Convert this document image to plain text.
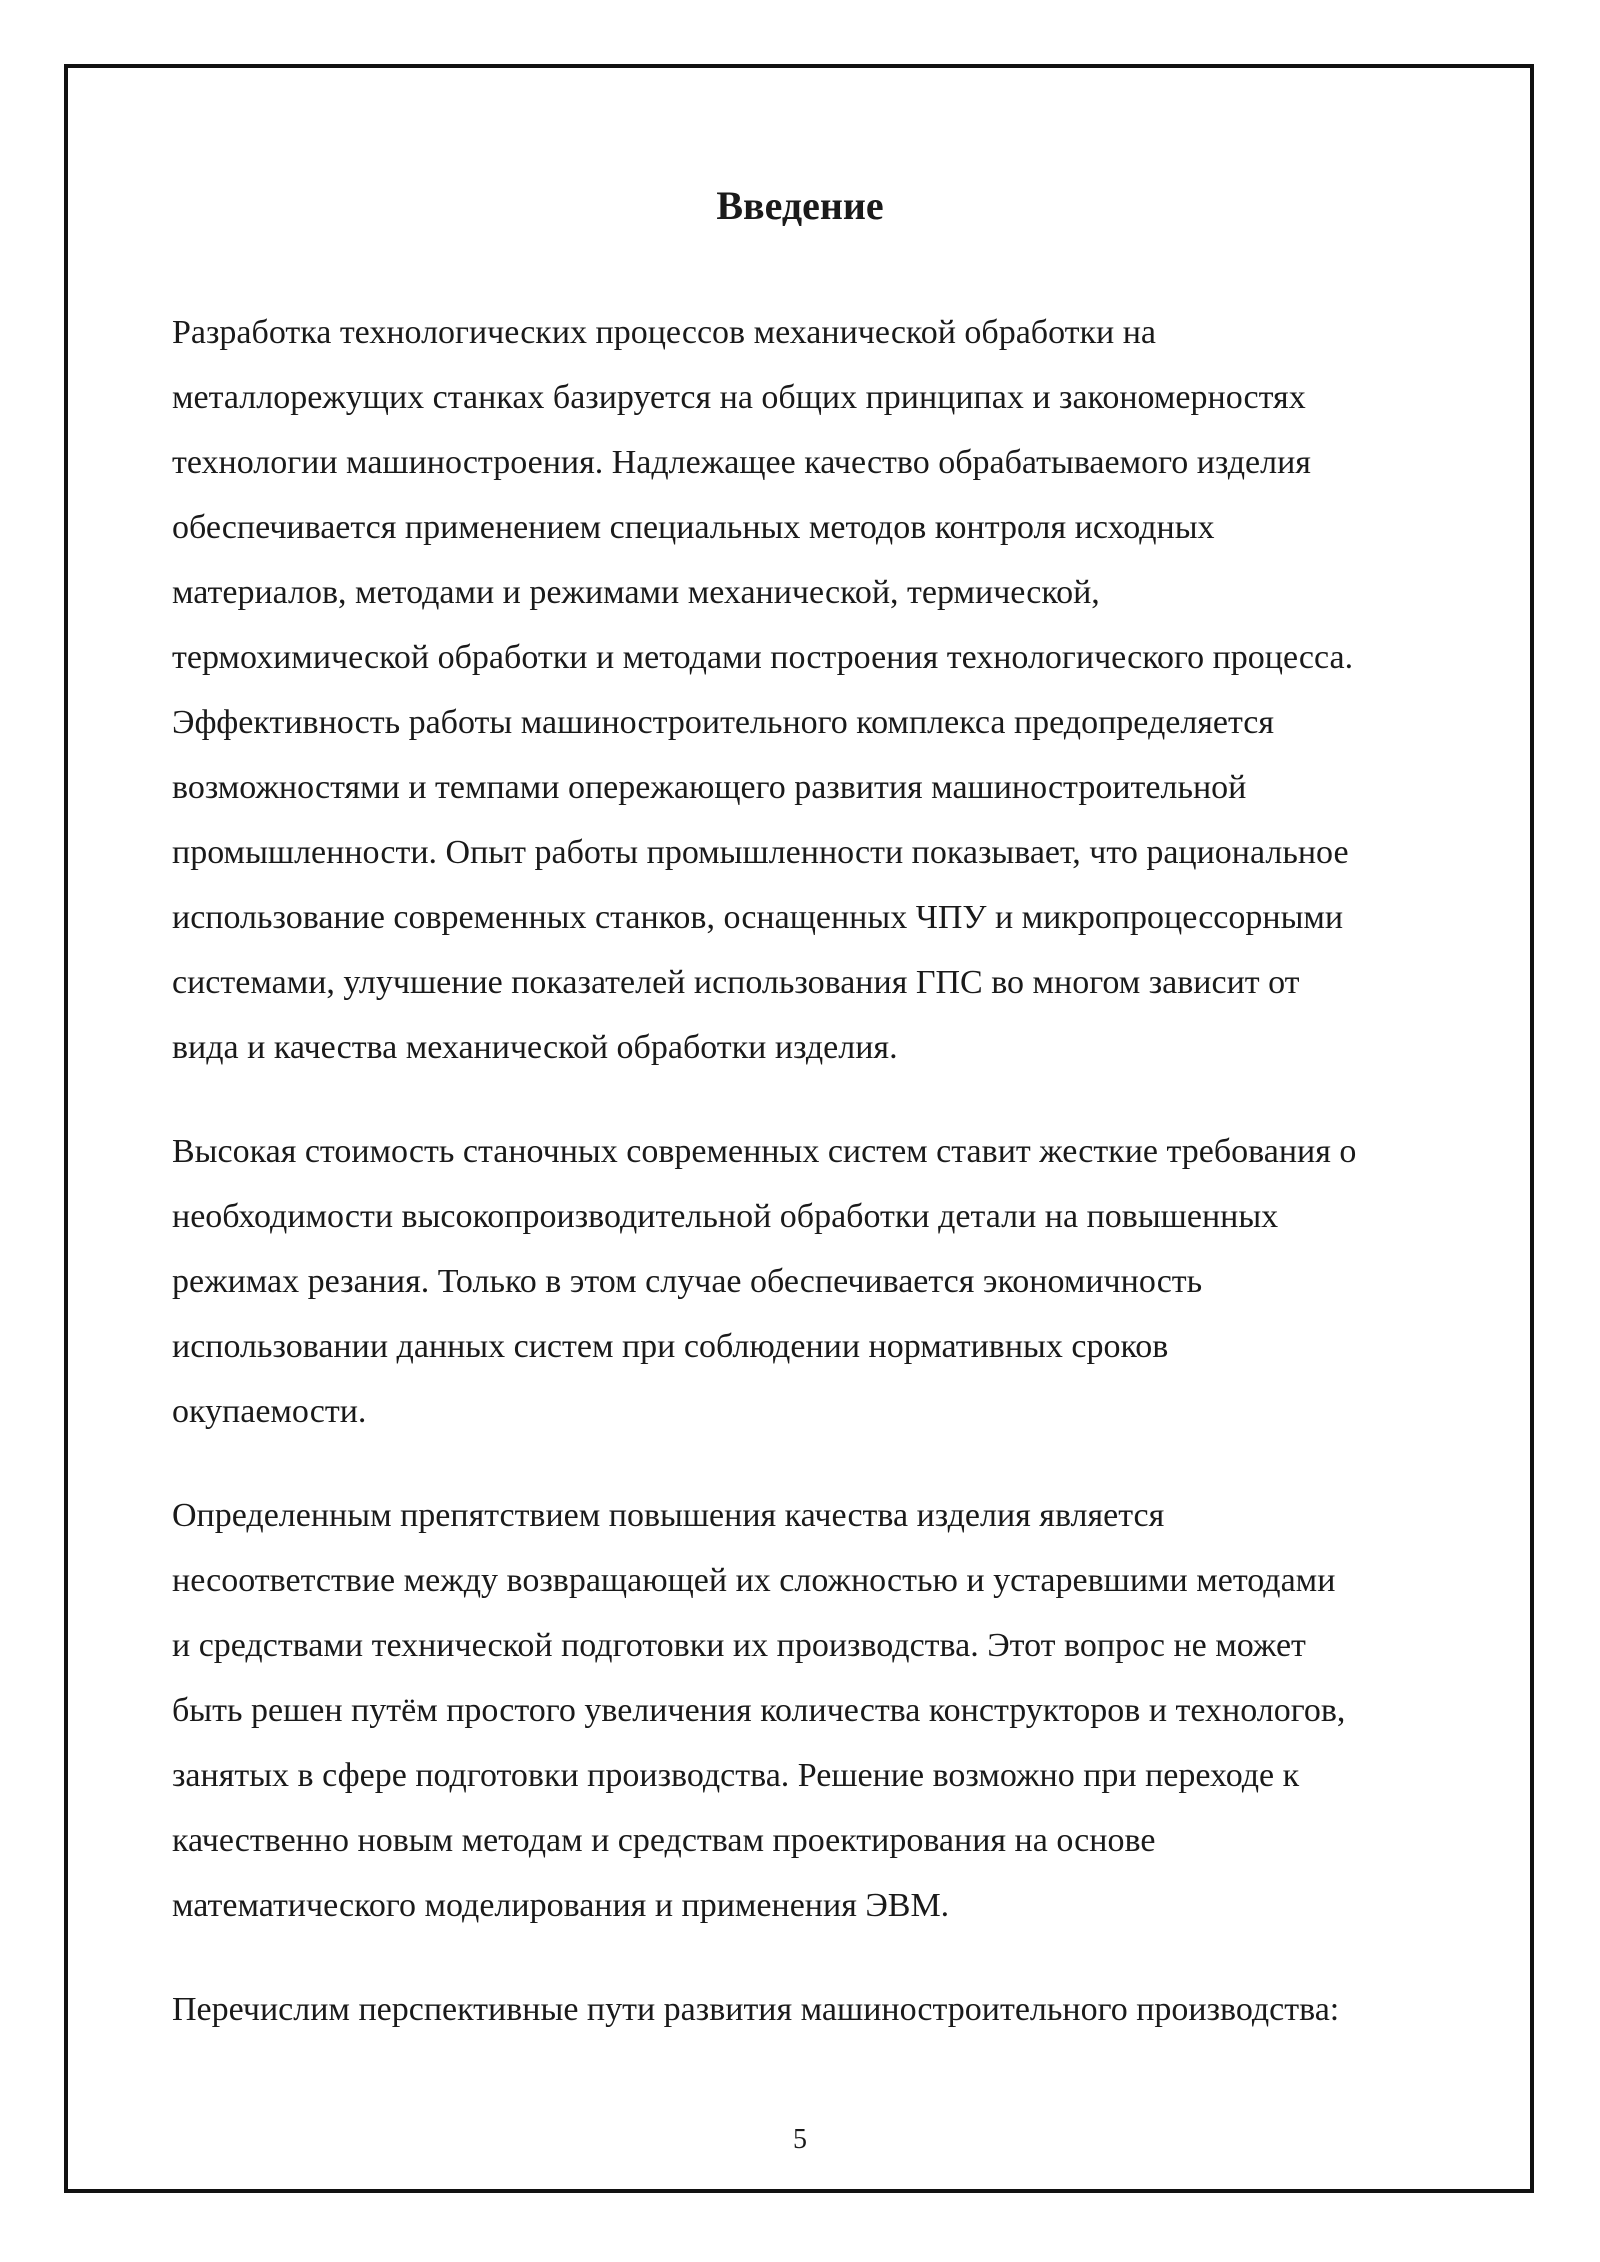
Введение

Разработка технологических процессов механической обработки на
металлорежущих станках базируется на общих принципах и закономерностях
технологии машиностроения. Надлежащее качество обрабатываемого изделия
обеспечивается применением специальных методов контроля исходных
материалов, методами и режимами механической, термической,
термохимической обработки и методами построения технологического процесса.
Эффективность работы машиностроительного комплекса предопределяется
возможностями и темпами опережающего развития машиностроительной
промышленности. Опыт работы промышленности показывает, что рациональное
использование современных станков, оснащенных ЧПУ и микропроцессорными
системами, улучшение показателей использования ГПС во многом зависит от
вида и качества механической обработки изделия.

Высокая стоимость станочных современных систем ставит жесткие требования о
необходимости высокопроизводительной обработки детали на повышенных
режимах резания. Только в этом случае обеспечивается экономичность
использовании данных систем при соблюдении нормативных сроков
окупаемости.

Определенным препятствием повышения качества изделия является
несоответствие между возвращающей их сложностью и устаревшими методами
и средствами технической подготовки их производства. Этот вопрос не может
быть решен путём простого увеличения количества конструкторов и технологов,
занятых в сфере подготовки производства. Решение возможно при переходе к
качественно новым методам и средствам проектирования на основе
математического моделирования и применения ЭВМ.

Перечислим перспективные пути развития машиностроительного производства:

5
